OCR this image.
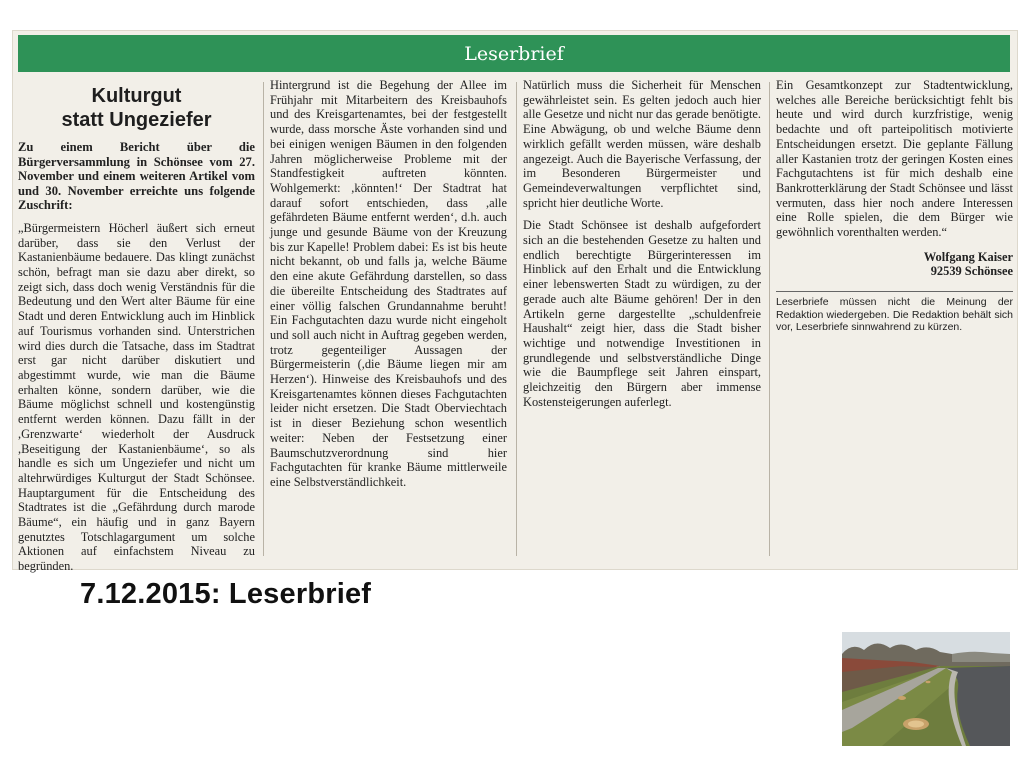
Leserbrief
Kulturgut
statt Ungeziefer

Zu einem Bericht über die Bürgerversammlung in Schönsee vom 27. November und einem weiteren Artikel vom und 30. November erreichte uns folgende Zuschrift:

„Bürgermeistern Höcherl äußert sich erneut darüber, dass sie den Verlust der Kastanienbäume bedauere. Das klingt zunächst schön, befragt man sie dazu aber direkt, so zeigt sich, dass doch wenig Verständnis für die Bedeutung und den Wert alter Bäume für eine Stadt und deren Entwicklung auch im Hinblick auf Tourismus vorhanden sind. Unterstrichen wird dies durch die Tatsache, dass im Stadtrat erst gar nicht darüber diskutiert und abgestimmt wurde, wie man die Bäume erhalten könne, sondern darüber, wie die Bäume möglichst schnell und kostengünstig entfernt werden können. Dazu fällt in der ,Grenzwarte‘ wiederholt der Ausdruck ,Beseitigung der Kastanienbäume‘, so als handle es sich um Ungeziefer und nicht um altehrwürdiges Kulturgut der Stadt Schönsee. Hauptargument für die Entscheidung des Stadtrates ist die „Gefährdung durch marode Bäume“, ein häufig und in ganz Bayern genutztes Totschlagargument um solche Aktionen auf einfachstem Niveau zu begründen.

Hintergrund ist die Begehung der Allee im Frühjahr mit Mitarbeitern des Kreisbauhofs und des Kreisgartenamtes, bei der festgestellt wurde, dass morsche Äste vorhanden sind und bei einigen wenigen Bäumen in den folgenden Jahren möglicherweise Probleme mit der Standfestigkeit auftreten könnten. Wohlgemerkt: ,könnten!‘ Der Stadtrat hat darauf sofort entschieden, dass ,alle gefährdeten Bäume entfernt werden‘, d.h. auch junge und gesunde Bäume von der Kreuzung bis zur Kapelle! Problem dabei: Es ist bis heute nicht bekannt, ob und falls ja, welche Bäume den eine akute Gefährdung darstellen, so dass die übereilte Entscheidung des Stadtrates auf einer völlig falschen Grundannahme beruht! Ein Fachgutachten dazu wurde nicht eingeholt und soll auch nicht in Auftrag gegeben werden, trotz gegenteiliger Aussagen der Bürgermeisterin (,die Bäume liegen mir am Herzen‘). Hinweise des Kreisbauhofs und des Kreisgartenamtes können dieses Fachgutachten leider nicht ersetzen. Die Stadt Oberviechtach ist in dieser Beziehung schon wesentlich weiter: Neben der Festsetzung einer Baumschutzverordnung sind hier Fachgutachten für kranke Bäume mittlerweile eine Selbstverständlichkeit.

Natürlich muss die Sicherheit für Menschen gewährleistet sein. Es gelten jedoch auch hier alle Gesetze und nicht nur das gerade benötigte. Eine Abwägung, ob und welche Bäume denn wirklich gefällt werden müssen, wäre deshalb angezeigt. Auch die Bayerische Verfassung, der im Besonderen Bürgermeister und Gemeindeverwaltungen verpflichtet sind, spricht hier deutliche Worte.

Die Stadt Schönsee ist deshalb aufgefordert sich an die bestehenden Gesetze zu halten und endlich berechtigte Bürgerinteressen im Hinblick auf den Erhalt und die Entwicklung einer lebenswerten Stadt zu würdigen, zu der gerade auch alte Bäume gehören! Der in den Artikeln gerne dargestellte „schuldenfreie Haushalt“ zeigt hier, dass die Stadt bisher wichtige und notwendige Investitionen in grundlegende und selbstverständliche Dinge wie die Baumpflege seit Jahren einspart, gleichzeitig den Bürgern aber immense Kostensteigerungen auferlegt.

Ein Gesamtkonzept zur Stadtentwicklung, welches alle Bereiche berücksichtigt fehlt bis heute und wird durch kurzfristige, wenig bedachte und oft parteipolitisch motivierte Entscheidungen ersetzt. Die geplante Fällung aller Kastanien trotz der geringen Kosten eines Fachgutachtens ist für mich deshalb eine Bankrotterklärung der Stadt Schönsee und lässt vermuten, dass hier noch andere Interessen eine Rolle spielen, die dem Bürger wie gewöhnlich vorenthalten werden.“

Wolfgang Kaiser
92539 Schönsee
Leserbriefe müssen nicht die Meinung der Redaktion wiedergeben. Die Redaktion behält sich vor, Leserbriefe sinnwahrend zu kürzen.
7.12.2015: Leserbrief
